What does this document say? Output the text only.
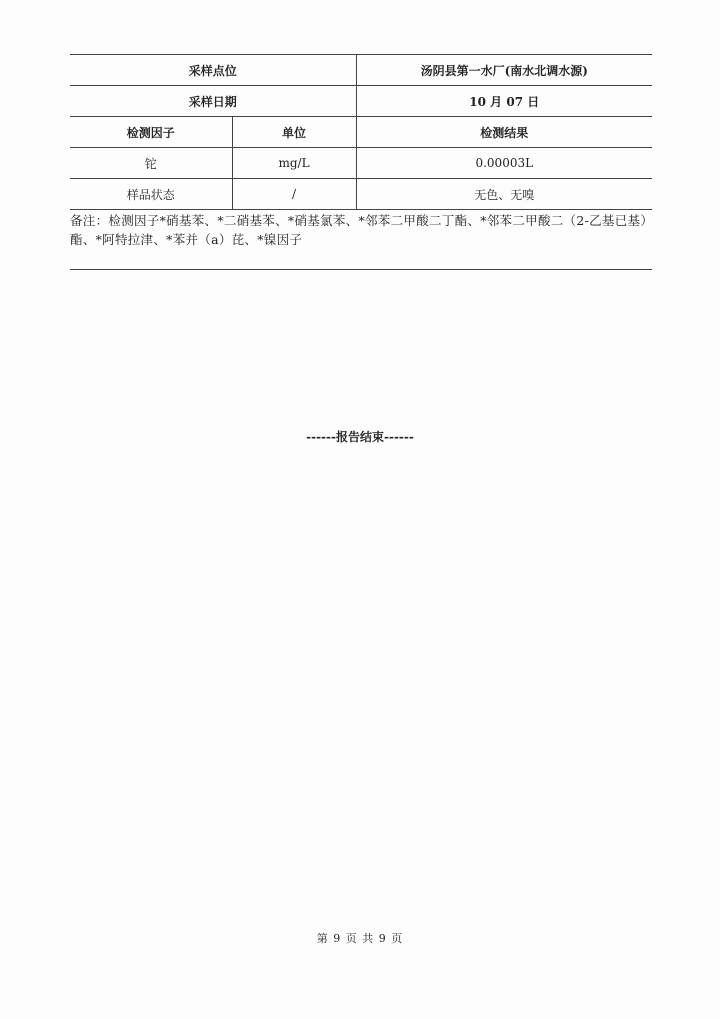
采样点位		汤阴县第一水厂(南水北调水源)
采样日期		10 月 07 日
检测因子	单位	检测结果
铊	mg/L	0.00003L
样品状态	/	无色、无嗅
备注：检测因子*硝基苯、*二硝基苯、*硝基氯苯、*邻苯二甲酸二丁酯、*邻苯二甲酸二（2-乙基已基）
酯、*阿特拉津、*苯并（a）芘、*镍因子
------报告结束------
第 9 页 共 9 页
